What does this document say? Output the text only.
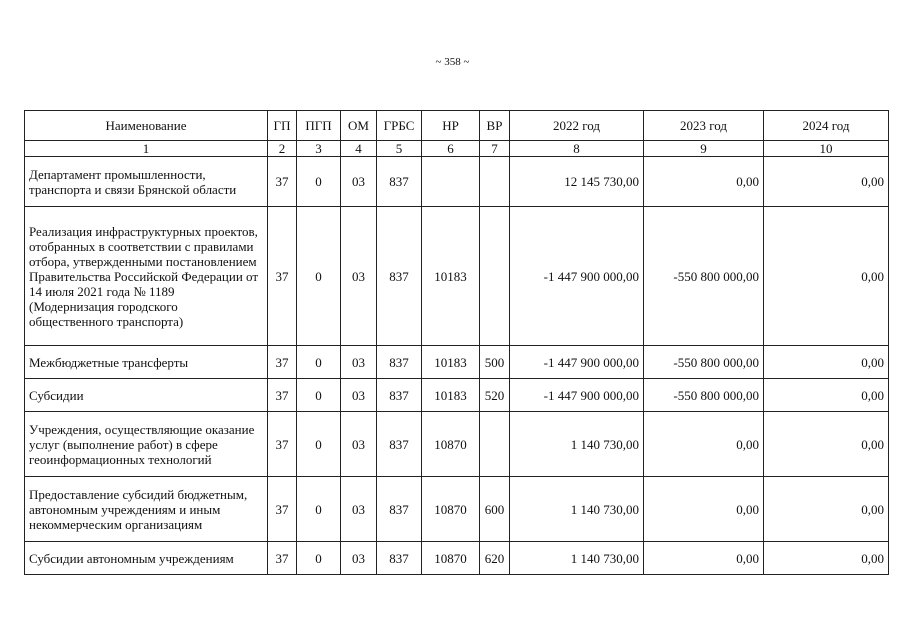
~ 358 ~
Наименование	ГП	ПГП	ОМ	ГРБС	НР	ВР	2022 год	2023 год	2024 год
1	2	3	4	5	6	7	8	9	10
Департамент промышленности, транспорта и связи Брянской области	37	0	03	837			12 145 730,00	0,00	0,00
Реализация инфраструктурных проектов, отобранных в соответствии с правилами отбора, утвержденными постановлением Правительства Российской Федерации от 14 июля 2021 года № 1189 (Модернизация городского общественного транспорта)	37	0	03	837	10183		-1 447 900 000,00	-550 800 000,00	0,00
Межбюджетные трансферты	37	0	03	837	10183	500	-1 447 900 000,00	-550 800 000,00	0,00
Субсидии	37	0	03	837	10183	520	-1 447 900 000,00	-550 800 000,00	0,00
Учреждения, осуществляющие оказание услуг (выполнение работ) в сфере геоинформационных технологий	37	0	03	837	10870		1 140 730,00	0,00	0,00
Предоставление субсидий бюджетным, автономным учреждениям и иным некоммерческим организациям	37	0	03	837	10870	600	1 140 730,00	0,00	0,00
Субсидии автономным учреждениям	37	0	03	837	10870	620	1 140 730,00	0,00	0,00
